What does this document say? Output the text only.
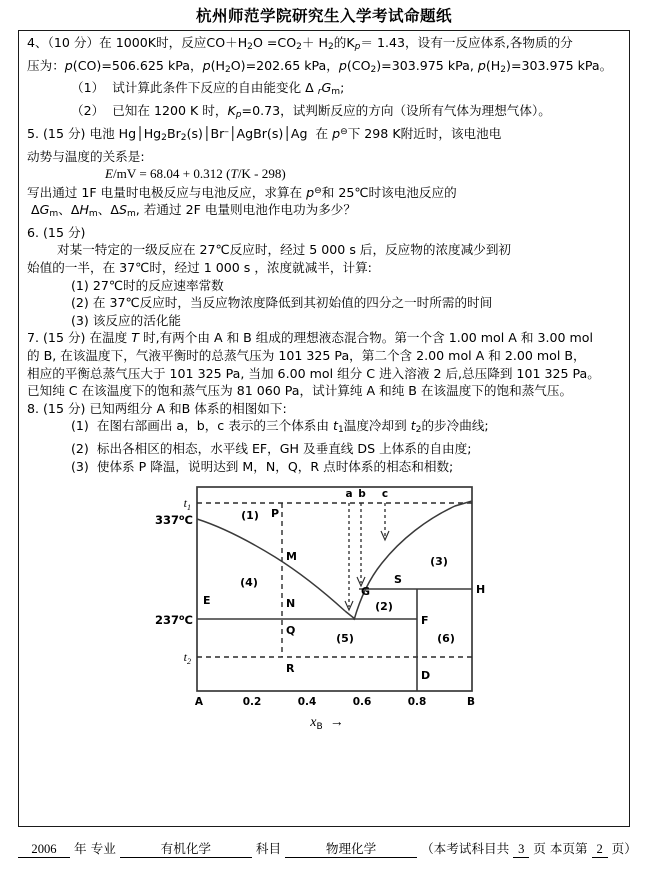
杭州师范学院研究生入学考试命题纸
4、（10 分）在 1000K时，反应$CO+H_2O =CO_2+ H_2$的$K_p= 1.43$，设有一反应体系,各物质的分
压为：p(CO)=506.625 kPa，$p(H_2O)=202.65$ kPa，$p(CO_2)=303.975$ kPa, $p(H_2)=303.975$ kPa。
（1）  试计算此条件下反应的自由能变化 Δ $_rG_m$;
（2）  已知在 1200 K 时，$K_p=0.73$，试判断反应的方向（设所有气体为理想气体）。
5. (15 分) 电池 $Hg│Hg_2Br_2(s)│Br^-│AgBr(s)│Ag$  在 p⊖下 298 K附近时，该电池电
动势与温度的关系是:
E/mV = 68.04 + 0.312 (T/K - 298)
写出通过 1F 电量时电极反应与电池反应，求算在 p⊖和 25℃时该电池反应的
$\Delta G_m$、$\Delta H_m$、$\Delta S_m$, 若通过 2F 电量则电池作电功为多少？
6. (15 分)
对某一特定的一级反应在 27℃反应时，经过 5 000 s 后，反应物的浓度减少到初
始值的一半，在 37℃时，经过 1 000 s ，浓度就减半，计算:
(1) 27℃时的反应速率常数
(2) 在 37℃反应时，当反应物浓度降低到其初始值的四分之一时所需的时间
(3) 该反应的活化能
7. (15 分) 在温度 T 时,有两个由 A 和 B 组成的理想液态混合物。第一个含 1.00 mol A 和 3.00 mol
的 B, 在该温度下，气液平衡时的总蒸气压为 101 325 Pa，第二个含 2.00 mol A 和 2.00 mol B，
相应的平衡总蒸气压大于 101 325 Pa, 当加 6.00 mol 组分 C 进入溶液 2 后,总压降到 101 325 Pa。
已知纯 C 在该温度下的饱和蒸气压为 81 060 Pa，试计算纯 A 和纯 B 在该温度下的饱和蒸气压。
8. (15 分) 已知两组分 A 和B 体系的相图如下:
(1)  在图右部画出 a，b，c 表示的三个体系由 $t_1$温度冷却到 $t_2$的步冷曲线;
(2)  标出各相区的相态，水平线 EF，GH 及垂直线 DS 上体系的自由度;
(3)  使体系 P 降温，说明达到 M，N，Q，R 点时体系的相态和相数;
$t_1$
337$^o$C
237$^o$C
$t_2$
a b c
P
M
N
Q
R
E
F
G	H
S
D
(1)
(2)
(3)
(4)
(5)	(6)
A	0.2	0.4	0.6	0.8	B
$x_B$  →
2006 年 专业	有机化学	科目	物理化学	（本考试科目共 3 页 本页第 2 页）
